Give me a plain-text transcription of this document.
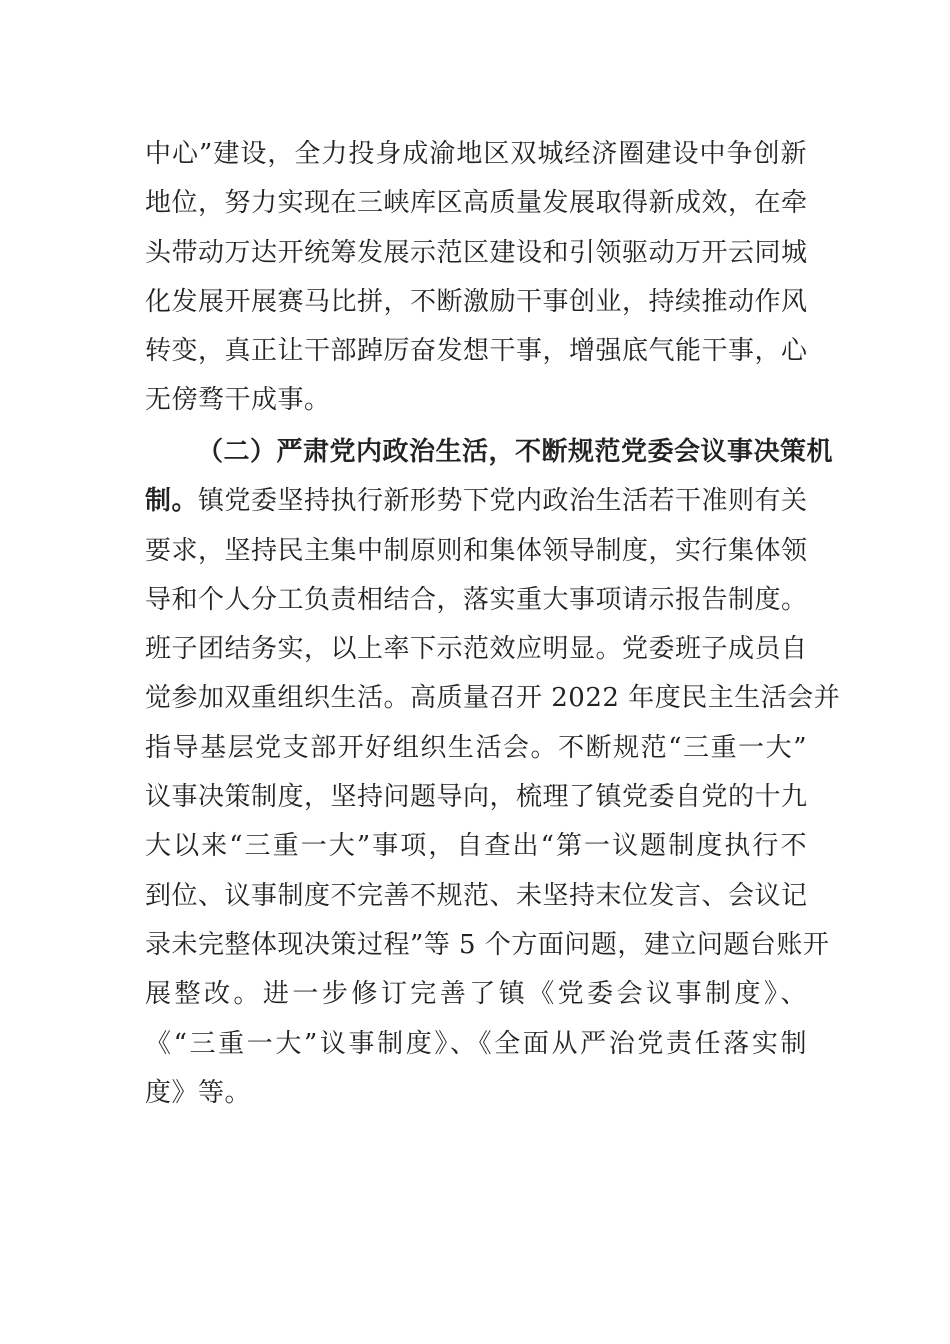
中心”建设，全力投身成渝地区双城经济圈建设中争创新
地位，努力实现在三峡库区高质量发展取得新成效，在牵
头带动万达开统筹发展示范区建设和引领驱动万开云同城
化发展开展赛马比拼，不断激励干事创业，持续推动作风
转变，真正让干部踔厉奋发想干事，增强底气能干事，心
无傍骛干成事。
（二）严肃党内政治生活，不断规范党委会议事决策机
制。镇党委坚持执行新形势下党内政治生活若干准则有关
要求，坚持民主集中制原则和集体领导制度，实行集体领
导和个人分工负责相结合，落实重大事项请示报告制度。
班子团结务实，以上率下示范效应明显。党委班子成员自
觉参加双重组织生活。高质量召开 2022 年度民主生活会并
指导基层党支部开好组织生活会。不断规范“三重一大”
议事决策制度，坚持问题导向，梳理了镇党委自党的十九
大以来“三重一大”事项，自查出“第一议题制度执行不
到位、议事制度不完善不规范、未坚持末位发言、会议记
录未完整体现决策过程”等 5 个方面问题，建立问题台账开
展整改。进一步修订完善了镇《党委会议事制度》、
《“三重一大”议事制度》、《全面从严治党责任落实制
度》等。
